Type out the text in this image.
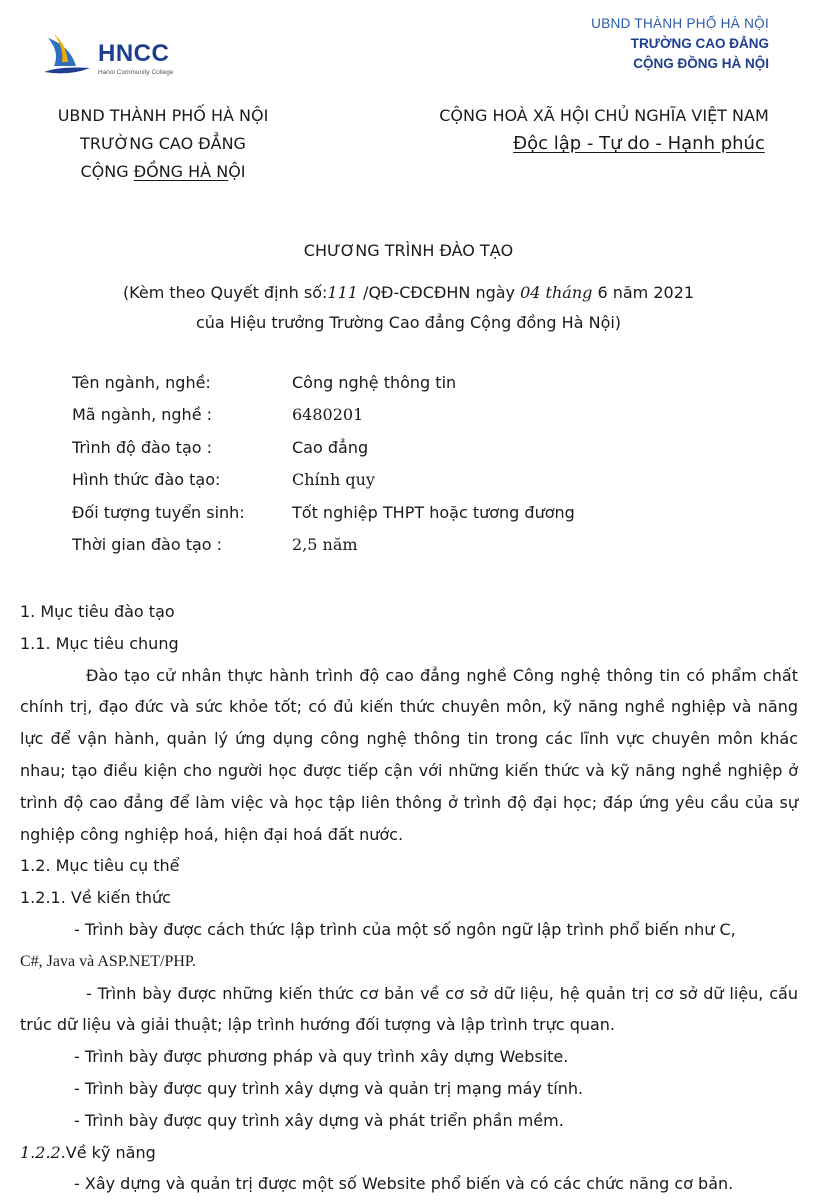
HNCC
Hanoi Community College
UBND THÀNH PHỐ HÀ NỘI
TRƯỜNG CAO ĐẲNG
CỘNG ĐỒNG HÀ NỘI
UBND THÀNH PHỐ HÀ NỘI
TRƯỜNG CAO ĐẲNG
CỘNG ĐỒNG HÀ NỘI
CỘNG HOÀ XÃ HỘI CHỦ NGHĨA VIỆT NAM
Độc lập - Tự do - Hạnh phúc
CHƯƠNG TRÌNH ĐÀO TẠO
(Kèm theo Quyết định số:111 /QĐ-CĐCĐHN ngày 04 tháng 6 năm 2021
của Hiệu trưởng Trường Cao đẳng Cộng đồng Hà Nội)
Tên ngành, nghề:	Công nghệ thông tin
Mã ngành, nghề :	6480201
Trình độ đào tạo :	Cao đẳng
Hình thức đào tạo:	Chính quy
Đối tượng tuyển sinh:	Tốt nghiệp THPT hoặc tương đương
Thời gian đào tạo :	2,5 năm
1. Mục tiêu đào tạo
1.1. Mục tiêu chung
Đào tạo cử nhân thực hành trình độ cao đẳng nghề Công nghệ thông tin có phẩm chất chính trị, đạo đức và sức khỏe tốt; có đủ kiến thức chuyên môn, kỹ năng nghề nghiệp và năng lực để vận hành, quản lý ứng dụng công nghệ thông tin trong các lĩnh vực chuyên môn khác nhau; tạo điều kiện cho người học được tiếp cận với những kiến thức và kỹ năng nghề nghiệp ở trình độ cao đẳng để làm việc và học tập liên thông ở trình độ đại học; đáp ứng yêu cầu của sự nghiệp công nghiệp hoá, hiện đại hoá đất nước.
1.2. Mục tiêu cụ thể
1.2.1. Về kiến thức
- Trình bày được cách thức lập trình của một số ngôn ngữ lập trình phổ biến như C,
C#, Java và ASP.NET/PHP.
- Trình bày được những kiến thức cơ bản về cơ sở dữ liệu, hệ quản trị cơ sở dữ liệu, cấu trúc dữ liệu và giải thuật; lập trình hướng đối tượng và lập trình trực quan.
- Trình bày được phương pháp và quy trình xây dựng Website.
- Trình bày được quy trình xây dựng và quản trị mạng máy tính.
- Trình bày được quy trình xây dựng và phát triển phần mềm.
1.2.2.Về kỹ năng
- Xây dựng và quản trị được một số Website phổ biến và có các chức năng cơ bản.
